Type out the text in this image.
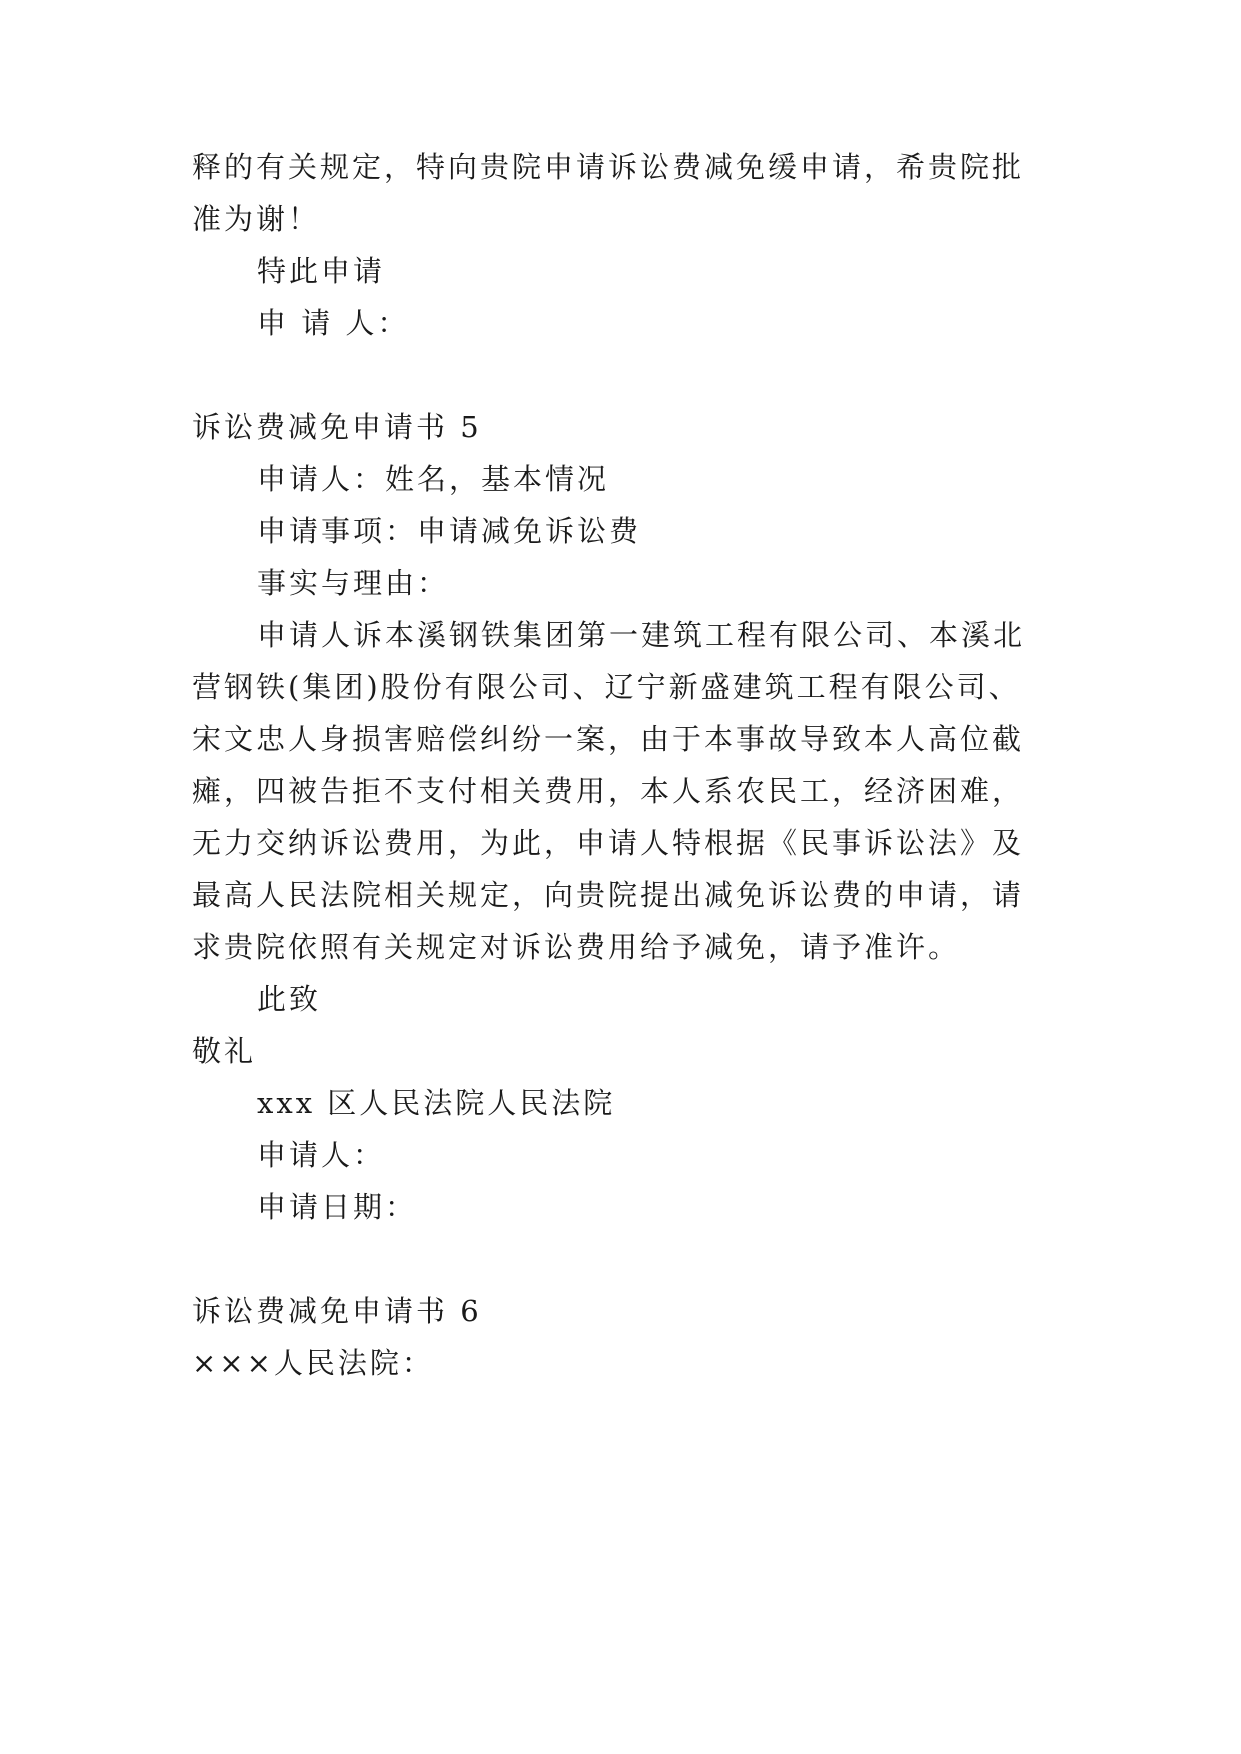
释的有关规定，特向贵院申请诉讼费减免缓申请，希贵院批
准为谢！
特此申请
申 请 人：
诉讼费减免申请书 5
申请人：姓名，基本情况
申请事项：申请减免诉讼费
事实与理由：
申请人诉本溪钢铁集团第一建筑工程有限公司、本溪北
营钢铁(集团)股份有限公司、辽宁新盛建筑工程有限公司、
宋文忠人身损害赔偿纠纷一案，由于本事故导致本人高位截
瘫，四被告拒不支付相关费用，本人系农民工，经济困难，
无力交纳诉讼费用，为此，申请人特根据《民事诉讼法》及
最高人民法院相关规定，向贵院提出减免诉讼费的申请，请
求贵院依照有关规定对诉讼费用给予减免，请予准许。
此致
敬礼
xxx 区人民法院人民法院
申请人：
申请日期：
诉讼费减免申请书 6
×××人民法院：
